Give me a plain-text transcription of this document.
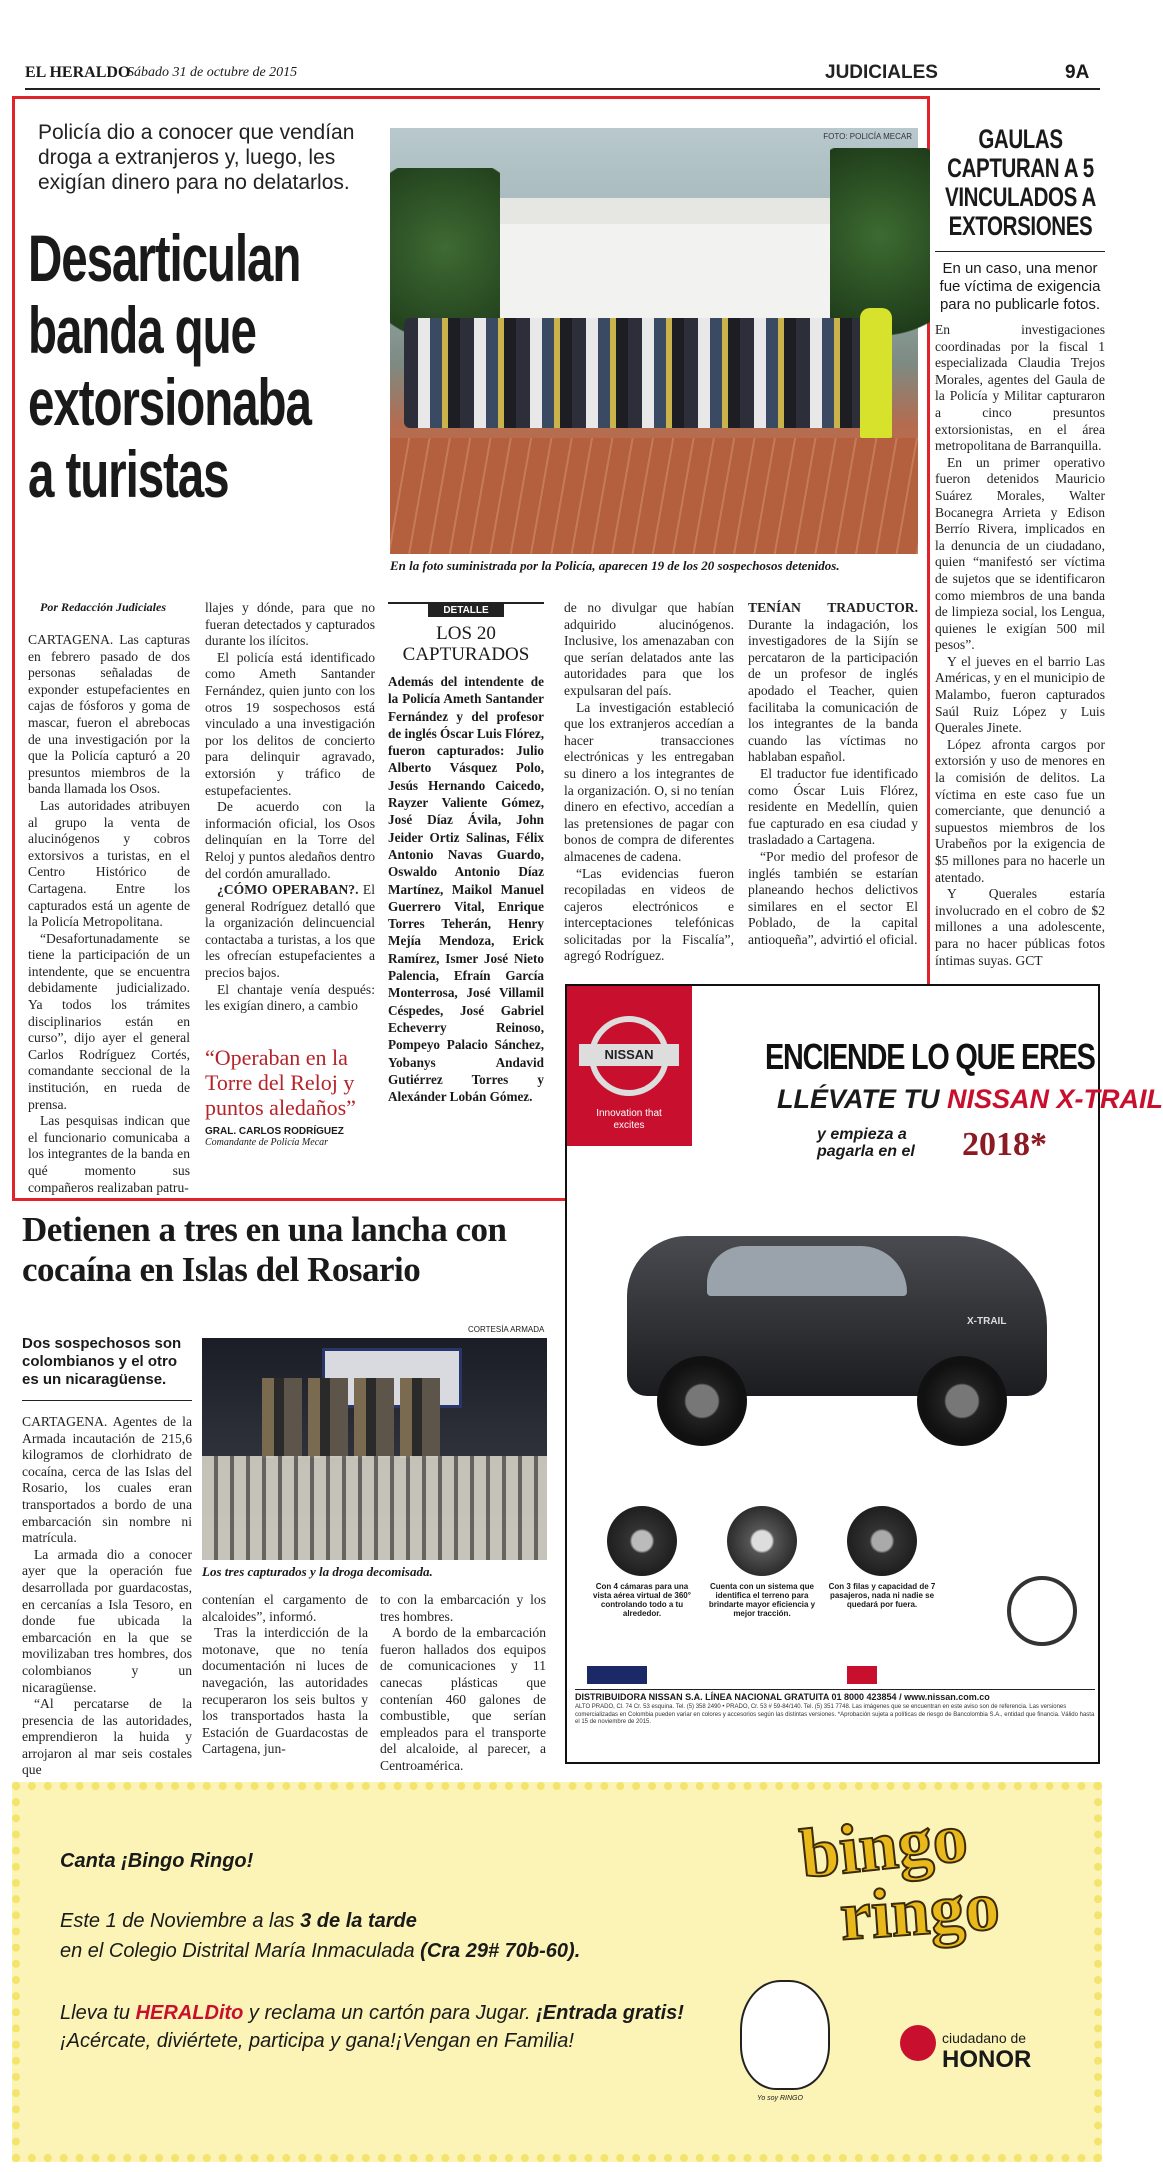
EL HERALDO
Sábado 31 de octubre de 2015	JUDICIALES	9A
Policía dio a conocer que vendían droga a extranjeros y, luego, les exigían dinero para no delatarlos.
Desarticulan
banda que
extorsionaba
a turistas
FOTO: POLICÍA MECAR
En la foto suministrada por la Policía, aparecen 19 de los 20 sospechosos detenidos.
Por Redacción Judiciales

CARTAGENA. Las capturas en febrero pasado de dos personas señaladas de exponder estupefacientes en cajas de fósforos y goma de mascar, fueron el abrebocas de una investigación por la que la Policía capturó a 20 presuntos miembros de la banda llamada los Osos.

Las autoridades atribuyen al grupo la venta de alucinógenos y cobros extorsivos a turistas, en el Centro Histórico de Cartagena. Entre los capturados está un agente de la Policía Metropolitana.

“Desafortunadamente se tiene la participación de un intendente, que se encuentra debidamente judicializado. Ya todos los trámites disciplinarios están en curso”, dijo ayer el general Carlos Rodríguez Cortés, comandante seccional de la institución, en rueda de prensa.

Las pesquisas indican que el funcionario comunicaba a los integrantes de la banda en qué momento sus compañeros realizaban patru-

llajes y dónde, para que no fueran detectados y capturados durante los ilícitos.

El policía está identificado como Ameth Santander Fernández, quien junto con los otros 19 sospechosos está vinculado a una investigación por los delitos de concierto para delinquir agravado, extorsión y tráfico de estupefacientes.

De acuerdo con la información oficial, los Osos delinquían en la Torre del Reloj y puntos aledaños dentro del cordón amurallado.

¿CÓMO OPERABAN?. El general Rodríguez detalló que la organización delincuencial contactaba a turistas, a los que les ofrecían estupefacientes a precios bajos.

El chantaje venía después: les exigían dinero, a cambio

“Operaban en la Torre del Reloj y puntos aledaños”
GRAL. CARLOS RODRÍGUEZ
Comandante de Policía Mecar
DETALLE
LOS 20 CAPTURADOS
Además del intendente de la Policía Ameth Santander Fernández y del profesor de inglés Óscar Luis Flórez, fueron capturados: Julio Alberto Vásquez Polo, Jesús Hernando Caicedo, Rayzer Valiente Gómez, José Díaz Ávila, John Jeider Ortiz Salinas, Félix Antonio Navas Guardo, Oswaldo Antonio Díaz Martínez, Maikol Manuel Guerrero Vital, Enrique Torres Teherán, Henry Mejía Mendoza, Erick Ramírez, Ismer José Nieto Palencia, Efraín García Monterrosa, José Villamil Céspedes, José Gabriel Echeverry Reinoso, Pompeyo Palacio Sánchez, Yobanys Andavid Gutiérrez Torres y Alexánder Lobán Gómez.

de no divulgar que habían adquirido alucinógenos. Inclusive, los amenazaban con que serían delatados ante las autoridades para que los expulsaran del país.

La investigación estableció que los extranjeros accedían a hacer transacciones electrónicas y les entregaban su dinero a los integrantes de la organización. O, si no tenían dinero en efectivo, accedían a las pretensiones de pagar con bonos de compra de diferentes almacenes de cadena.

“Las evidencias fueron recopiladas en videos de cajeros electrónicos e interceptaciones telefónicas solicitadas por la Fiscalía”, agregó Rodríguez.

TENÍAN TRADUCTOR. Durante la indagación, los investigadores de la Sijín se percataron de la participación de un profesor de inglés apodado el Teacher, quien facilitaba la comunicación de los integrantes de la banda cuando las víctimas no hablaban español.

El traductor fue identificado como Óscar Luis Flórez, residente en Medellín, quien fue capturado en esa ciudad y trasladado a Cartagena.

“Por medio del profesor de inglés también se estarían planeando hechos delictivos similares en el sector El Poblado, de la capital antioqueña”, advirtió el oficial.

GAULAS CAPTURAN A 5 VINCULADOS A EXTORSIONES
En un caso, una menor fue víctima de exigencia para no publicarle fotos.

En investigaciones coordinadas por la fiscal 1 especializada Claudia Trejos Morales, agentes del Gaula de la Policía y Militar capturaron a cinco presuntos extorsionistas, en el área metropolitana de Barranquilla.

En un primer operativo fueron detenidos Mauricio Suárez Morales, Walter Bocanegra Arrieta y Edison Berrío Rivera, implicados en la denuncia de un ciudadano, quien “manifestó ser víctima de sujetos que se identificaron como miembros de una banda de limpieza social, los Lengua, quienes le exigían 500 mil pesos”.

Y el jueves en el barrio Las Américas, y en el municipio de Malambo, fueron capturados Saúl Ruiz López y Luis Querales Jinete.

López afronta cargos por extorsión y uso de menores en la comisión de delitos. La víctima en este caso fue un comerciante, que denunció a supuestos miembros de los Urabeños por la exigencia de $5 millones para no hacerle un atentado.

Y Querales estaría involucrado en el cobro de $2 millones a una adolescente, para no hacer públicas fotos íntimas suyas. GCT

Detienen a tres en una lancha con cocaína en Islas del Rosario
Dos sospechosos son colombianos y el otro es un nicaragüense.

CARTAGENA. Agentes de la Armada incautación de 215,6 kilogramos de clorhidrato de cocaína, cerca de las Islas del Rosario, los cuales eran transportados a bordo de una embarcación sin nombre ni matrícula.

La armada dio a conocer ayer que la operación fue desarrollada por guardacostas, en cercanías a Isla Tesoro, en donde fue ubicada la embarcación en la que se movilizaban tres hombres, dos colombianos y un nicaragüense.

“Al percatarse de la presencia de las autoridades, emprendieron la huida y arrojaron al mar seis costales que

CORTESÍA ARMADA
Los tres capturados y la droga decomisada.

contenían el cargamento de alcaloides”, informó.

Tras la interdicción de la motonave, que no tenía documentación ni luces de navegación, las autoridades recuperaron los seis bultos y los transportados hasta la Estación de Guardacostas de Cartagena, jun-

to con la embarcación y los tres hombres.

A bordo de la embarcación fueron hallados dos equipos de comunicaciones y 11 canecas plásticas que contenían 460 galones de combustible, que serían empleados para el transporte del alcaloide, al parecer, a Centroamérica.

NISSAN
Innovation that excites
ENCIENDE LO QUE ERES
LLÉVATE TU NISSAN X-TRAIL
y empieza a pagarla en el	2018*
X-TRAIL
Con 4 cámaras para una vista aérea virtual de 360° controlando todo a tu alrededor.
Cuenta con un sistema que identifica el terreno para brindarte mayor eficiencia y mejor tracción.
Con 3 filas y capacidad de 7 pasajeros, nada ni nadie se quedará por fuera.
DISTRIBUIDORA NISSAN S.A. LÍNEA NACIONAL GRATUITA 01 8000 423854 / www.nissan.com.co
ALTO PRADO, Cl. 74 Cr. 53 esquina. Tel. (5) 358 2490 • PRADO, Cr. 53 # 59-84/140. Tel. (5) 351 7748. Las imágenes que se encuentran en este aviso son de referencia. Las versiones comercializadas en Colombia pueden variar en colores y accesorios según las distintas versiones. *Aprobación sujeta a políticas de riesgo de Bancolombia S.A., entidad que financia. Válido hasta el 15 de noviembre de 2015.
Canta ¡Bingo Ringo!
Este 1 de Noviembre a las 3 de la tarde
en el Colegio Distrital María Inmaculada (Cra 29# 70b-60).
Lleva tu HERALDito y reclama un cartón para Jugar. ¡Entrada gratis!
¡Acércate, diviértete, participa y gana!¡Vengan en Familia!
bingo
ringo
Yo soy RINGO
ciudadano de
HONOR
